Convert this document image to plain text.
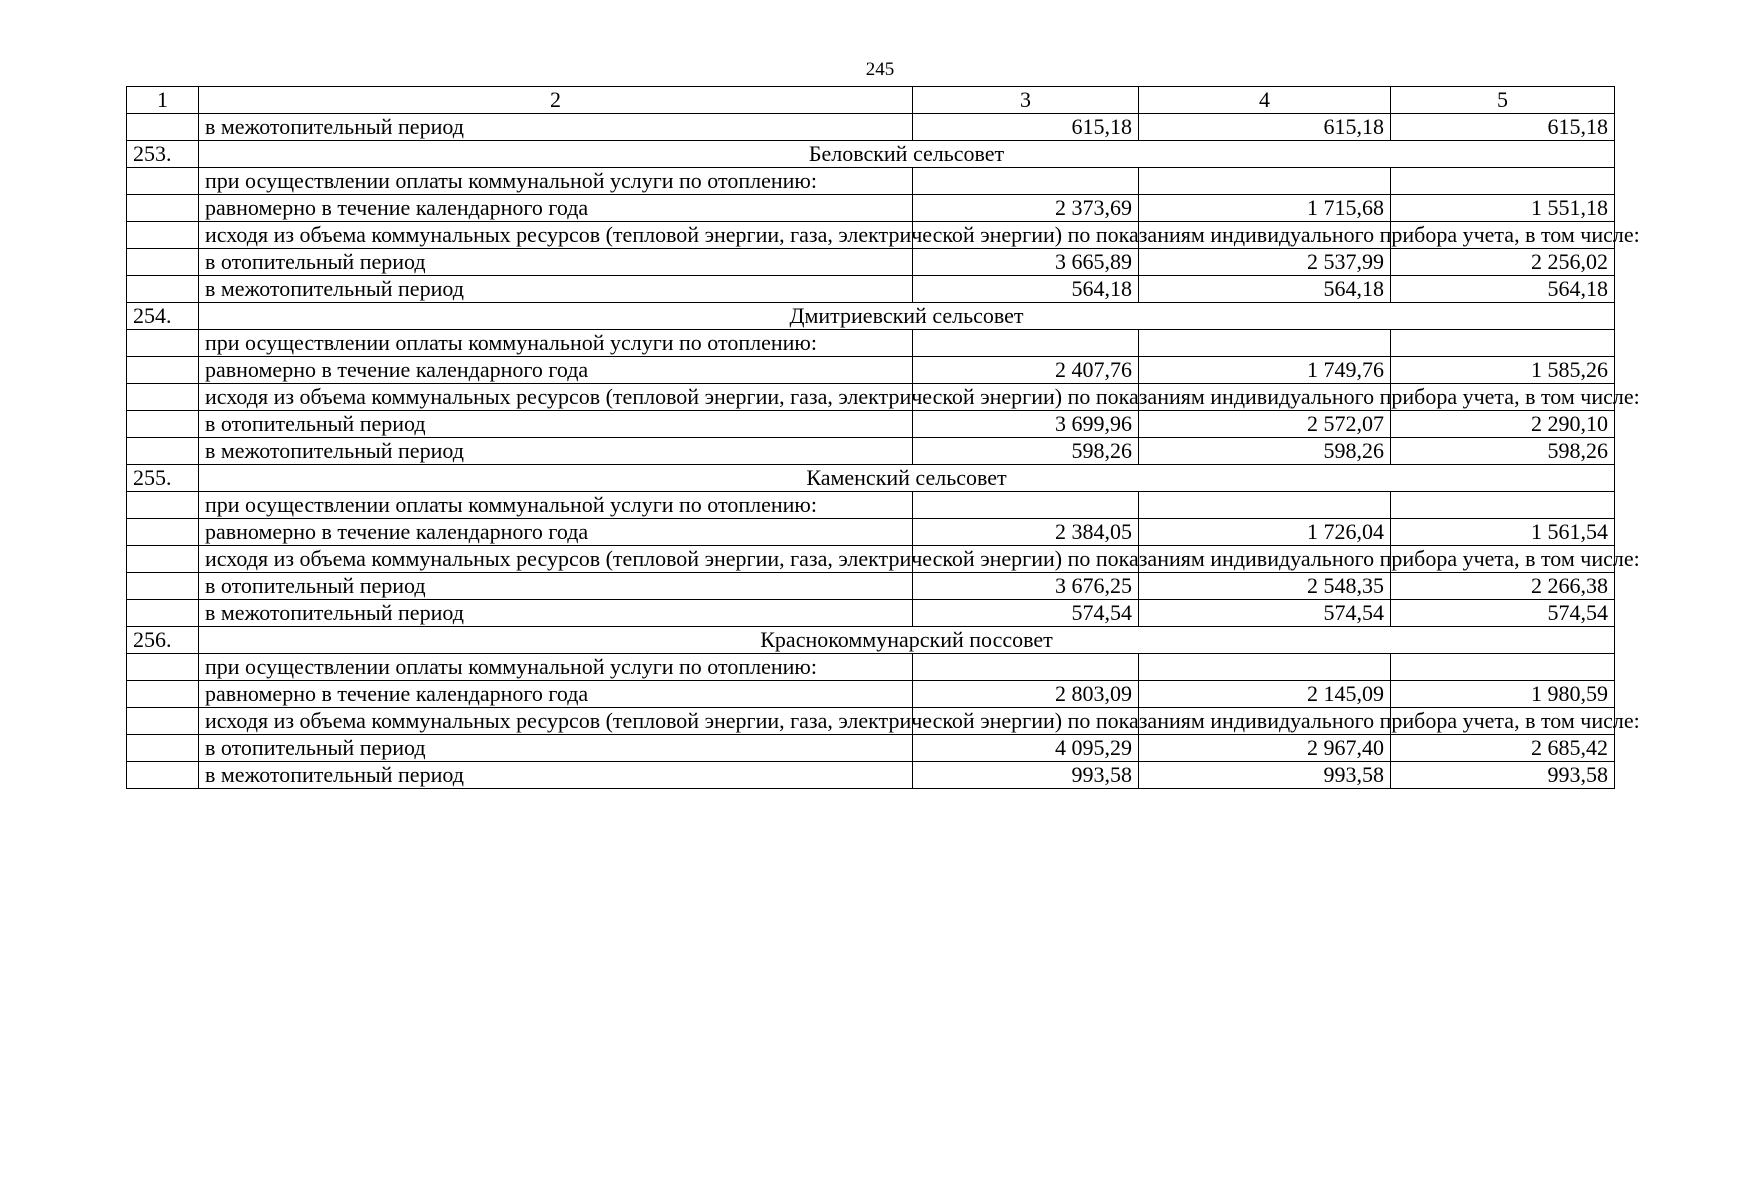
245
1	2	3	4	5
	в межотопительный период	615,18	615,18	615,18
253.	Беловский сельсовет			
	при осуществлении оплаты коммунальной услуги по отоплению:			
	равномерно в течение календарного года	2 373,69	1 715,68	1 551,18
	исходя из объема коммунальных ресурсов (тепловой энергии, газа, электрической энергии) по показаниям индивидуального прибора учета, в том числе:			
	в отопительный период	3 665,89	2 537,99	2 256,02
	в межотопительный период	564,18	564,18	564,18
254.	Дмитриевский сельсовет			
	при осуществлении оплаты коммунальной услуги по отоплению:			
	равномерно в течение календарного года	2 407,76	1 749,76	1 585,26
	исходя из объема коммунальных ресурсов (тепловой энергии, газа, электрической энергии) по показаниям индивидуального прибора учета, в том числе:			
	в отопительный период	3 699,96	2 572,07	2 290,10
	в межотопительный период	598,26	598,26	598,26
255.	Каменский сельсовет			
	при осуществлении оплаты коммунальной услуги по отоплению:			
	равномерно в течение календарного года	2 384,05	1 726,04	1 561,54
	исходя из объема коммунальных ресурсов (тепловой энергии, газа, электрической энергии) по показаниям индивидуального прибора учета, в том числе:			
	в отопительный период	3 676,25	2 548,35	2 266,38
	в межотопительный период	574,54	574,54	574,54
256.	Краснокоммунарский поссовет			
	при осуществлении оплаты коммунальной услуги по отоплению:			
	равномерно в течение календарного года	2 803,09	2 145,09	1 980,59
	исходя из объема коммунальных ресурсов (тепловой энергии, газа, электрической энергии) по показаниям индивидуального прибора учета, в том числе:			
	в отопительный период	4 095,29	2 967,40	2 685,42
	в межотопительный период	993,58	993,58	993,58
